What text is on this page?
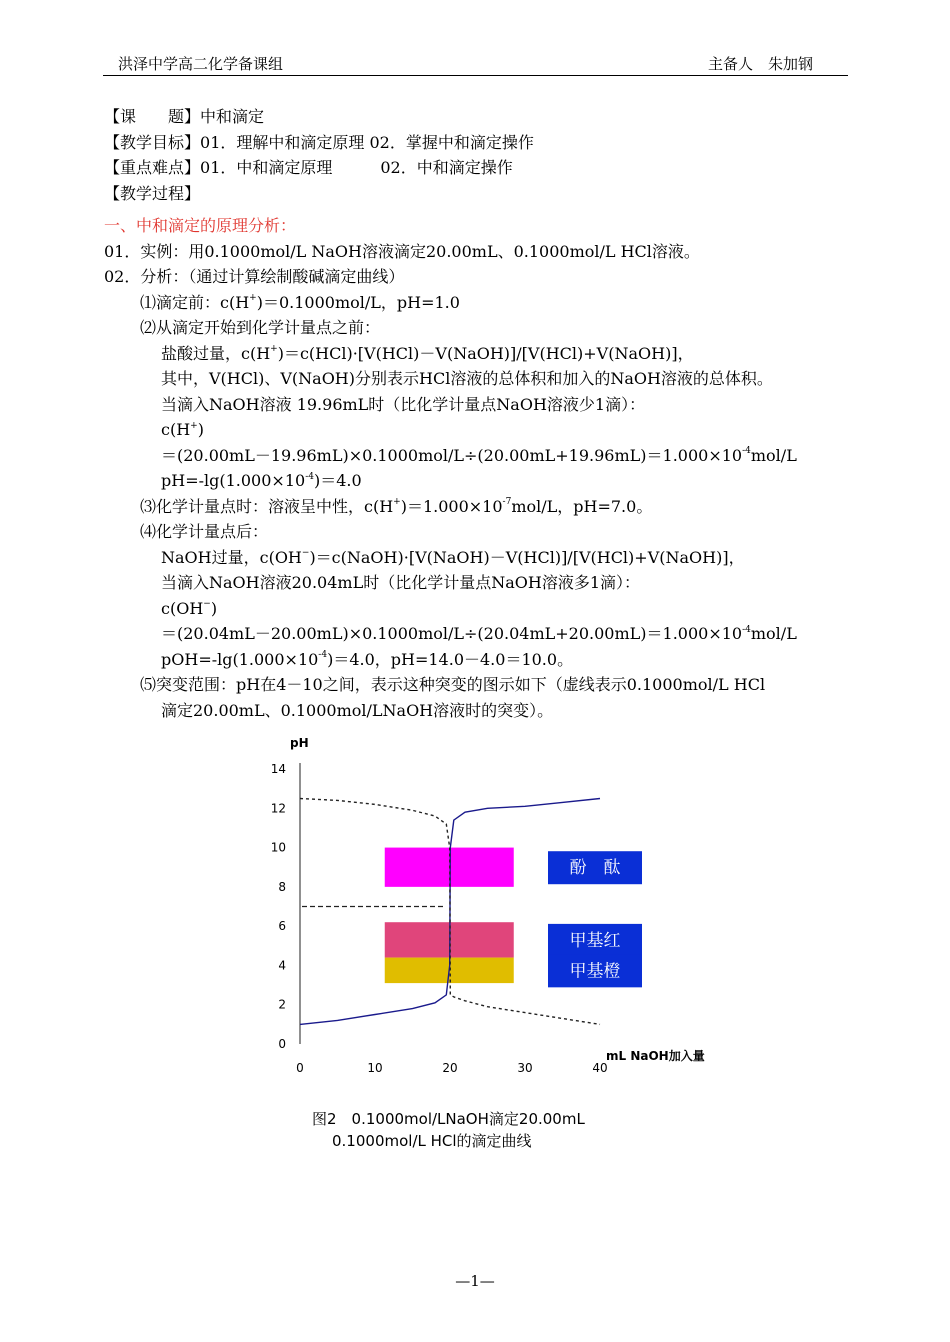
洪泽中学高二化学备课组	主备人　朱加钢
【课　　题】中和滴定
【教学目标】01．理解中和滴定原理 02．掌握中和滴定操作
【重点难点】01．中和滴定原理　　　02．中和滴定操作
【教学过程】
一、中和滴定的原理分析：
01．实例：用0.1000mol/L NaOH溶液滴定20.00mL、0.1000mol/L HCl溶液。
02．分析：（通过计算绘制酸碱滴定曲线）
⑴滴定前：c(H+)＝0.1000mol/L，pH=1.0
⑵从滴定开始到化学计量点之前：
盐酸过量，c(H+)＝c(HCl)·[V(HCl)－V(NaOH)]/[V(HCl)+V(NaOH)]，
其中，V(HCl)、V(NaOH)分别表示HCl溶液的总体积和加入的NaOH溶液的总体积。
当滴入NaOH溶液 19.96mL时（比化学计量点NaOH溶液少1滴）：
c(H+)
$=(20.00mL-19.96mL)\times 0.1000mol/L\div(20.00mL+19.96mL)=1.000\times 10^{-4}mol/L$
$pH=-\lg(1.000\times 10^{-4})=4.0$
⑶化学计量点时：溶液呈中性，$c(H^+)=1.000\times 10^{-7}mol/L$，pH=7.0。
⑷化学计量点后：
NaOH过量，c(OH−)＝c(NaOH)·[V(NaOH)－V(HCl)]/[V(HCl)+V(NaOH)]，
当滴入NaOH溶液20.04mL时（比化学计量点NaOH溶液多1滴）：
c(OH−)
$=(20.04mL-20.00mL)\times 0.1000mol/L\div(20.04mL+20.00mL)=1.000\times 10^{-4}mol/L$
$pOH=-\lg(1.000\times 10^{-4})=4.0$，pH=14.0－4.0＝10.0。
⑸突变范围：pH在4－10之间，表示这种突变的图示如下（虚线表示0.1000mol/L HCl
滴定20.00mL、0.1000mol/LNaOH溶液时的突变）。
0
2
4
6
8
10
12
14
0	10	20	30	40
pH
mL NaOH加入量
酚　酞
甲基红
甲基橙
图2　0.1000mol/LNaOH滴定20.00mL
0.1000mol/L HCl的滴定曲线
—1—
